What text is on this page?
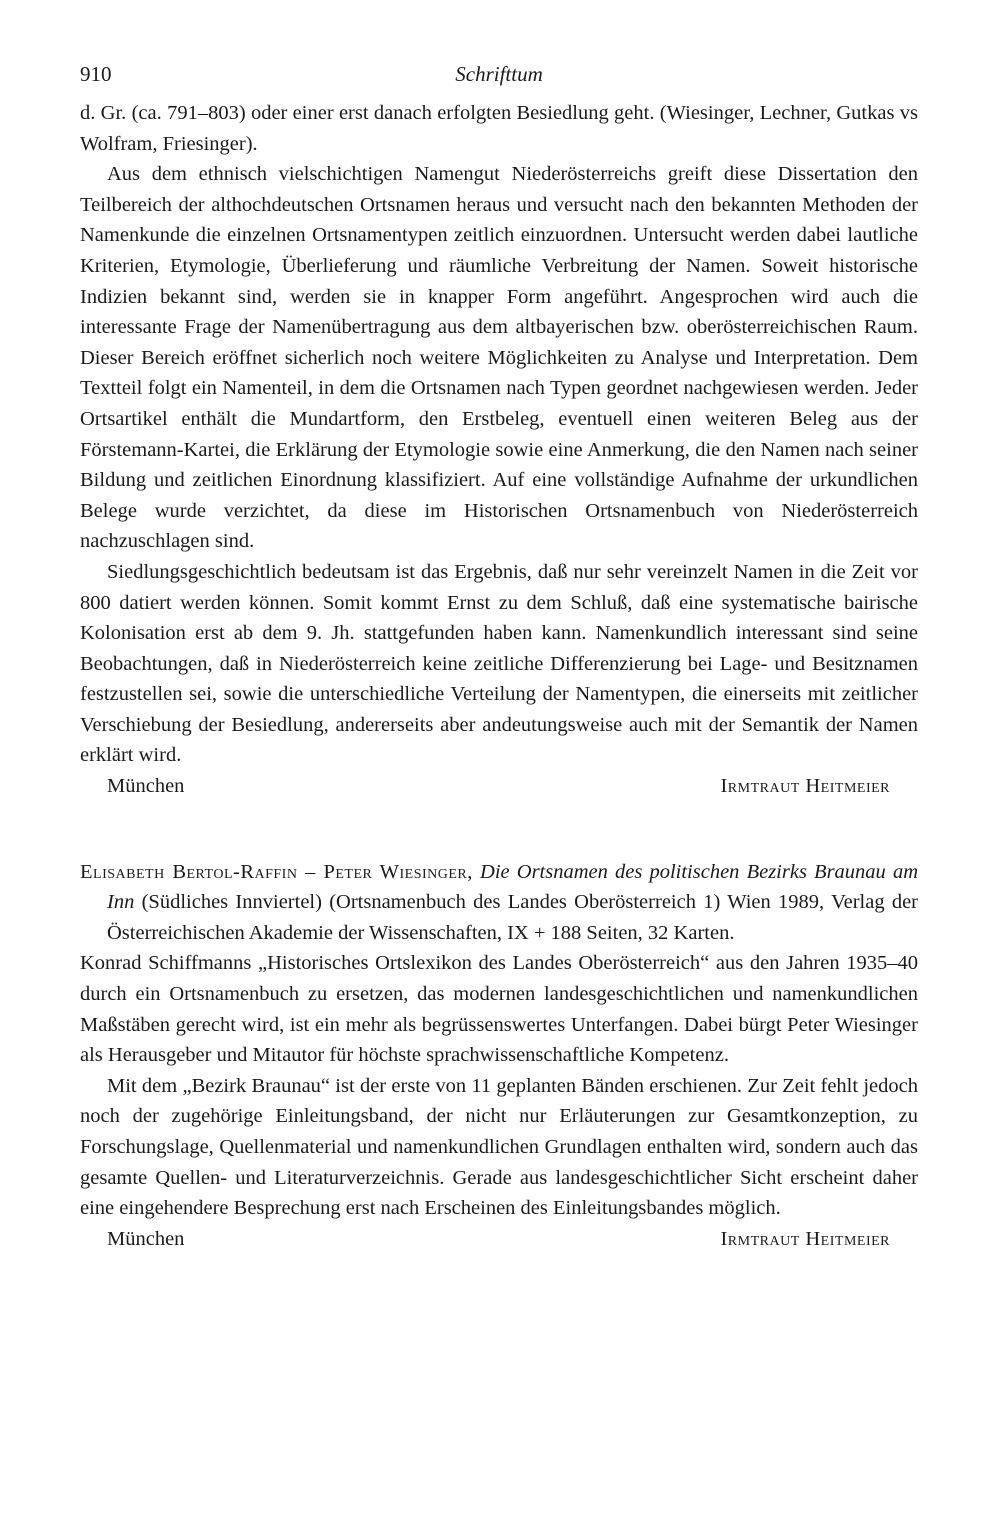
910	Schrifttum

d. Gr. (ca. 791–803) oder einer erst danach erfolgten Besiedlung geht. (Wiesinger, Lechner, Gutkas vs Wolfram, Friesinger).

Aus dem ethnisch vielschichtigen Namengut Niederösterreichs greift diese Dissertation den Teilbereich der althochdeutschen Ortsnamen heraus und versucht nach den bekannten Methoden der Namenkunde die einzelnen Ortsnamentypen zeitlich einzuordnen. Untersucht werden dabei lautliche Kriterien, Etymologie, Überlieferung und räumliche Verbreitung der Namen. Soweit historische Indizien bekannt sind, werden sie in knapper Form angeführt. Angesprochen wird auch die interessante Frage der Namenübertragung aus dem altbayerischen bzw. oberösterreichischen Raum. Dieser Bereich eröffnet sicherlich noch weitere Möglichkeiten zu Analyse und Interpretation. Dem Textteil folgt ein Namenteil, in dem die Ortsnamen nach Typen geordnet nachgewiesen werden. Jeder Ortsartikel enthält die Mundartform, den Erstbeleg, eventuell einen weiteren Beleg aus der Förstemann-Kartei, die Erklärung der Etymologie sowie eine Anmerkung, die den Namen nach seiner Bildung und zeitlichen Einordnung klassifiziert. Auf eine vollständige Aufnahme der urkundlichen Belege wurde verzichtet, da diese im Historischen Ortsnamenbuch von Niederösterreich nachzuschlagen sind.

Siedlungsgeschichtlich bedeutsam ist das Ergebnis, daß nur sehr vereinzelt Namen in die Zeit vor 800 datiert werden können. Somit kommt Ernst zu dem Schluß, daß eine systematische bairische Kolonisation erst ab dem 9. Jh. stattgefunden haben kann. Namenkundlich interessant sind seine Beobachtungen, daß in Niederösterreich keine zeitliche Differenzierung bei Lage- und Besitznamen festzustellen sei, sowie die unterschiedliche Verteilung der Namentypen, die einerseits mit zeitlicher Verschiebung der Besiedlung, andererseits aber andeutungsweise auch mit der Semantik der Namen erklärt wird.

München	Irmtraut Heitmeier

Elisabeth Bertol-Raffin – Peter Wiesinger, Die Ortsnamen des politischen Bezirks Braunau am Inn (Südliches Innviertel) (Ortsnamenbuch des Landes Oberösterreich 1) Wien 1989, Verlag der Österreichischen Akademie der Wissenschaften, IX + 188 Seiten, 32 Karten.

Konrad Schiffmanns „Historisches Ortslexikon des Landes Oberösterreich“ aus den Jahren 1935–40 durch ein Ortsnamenbuch zu ersetzen, das modernen landesgeschichtlichen und namenkundlichen Maßstäben gerecht wird, ist ein mehr als begrüssenswertes Unterfangen. Dabei bürgt Peter Wiesinger als Herausgeber und Mitautor für höchste sprachwissenschaftliche Kompetenz.

Mit dem „Bezirk Braunau“ ist der erste von 11 geplanten Bänden erschienen. Zur Zeit fehlt jedoch noch der zugehörige Einleitungsband, der nicht nur Erläuterungen zur Gesamtkonzeption, zu Forschungslage, Quellenmaterial und namenkundlichen Grundlagen enthalten wird, sondern auch das gesamte Quellen- und Literaturverzeichnis. Gerade aus landesgeschichtlicher Sicht erscheint daher eine eingehendere Besprechung erst nach Erscheinen des Einleitungsbandes möglich.

München	Irmtraut Heitmeier
